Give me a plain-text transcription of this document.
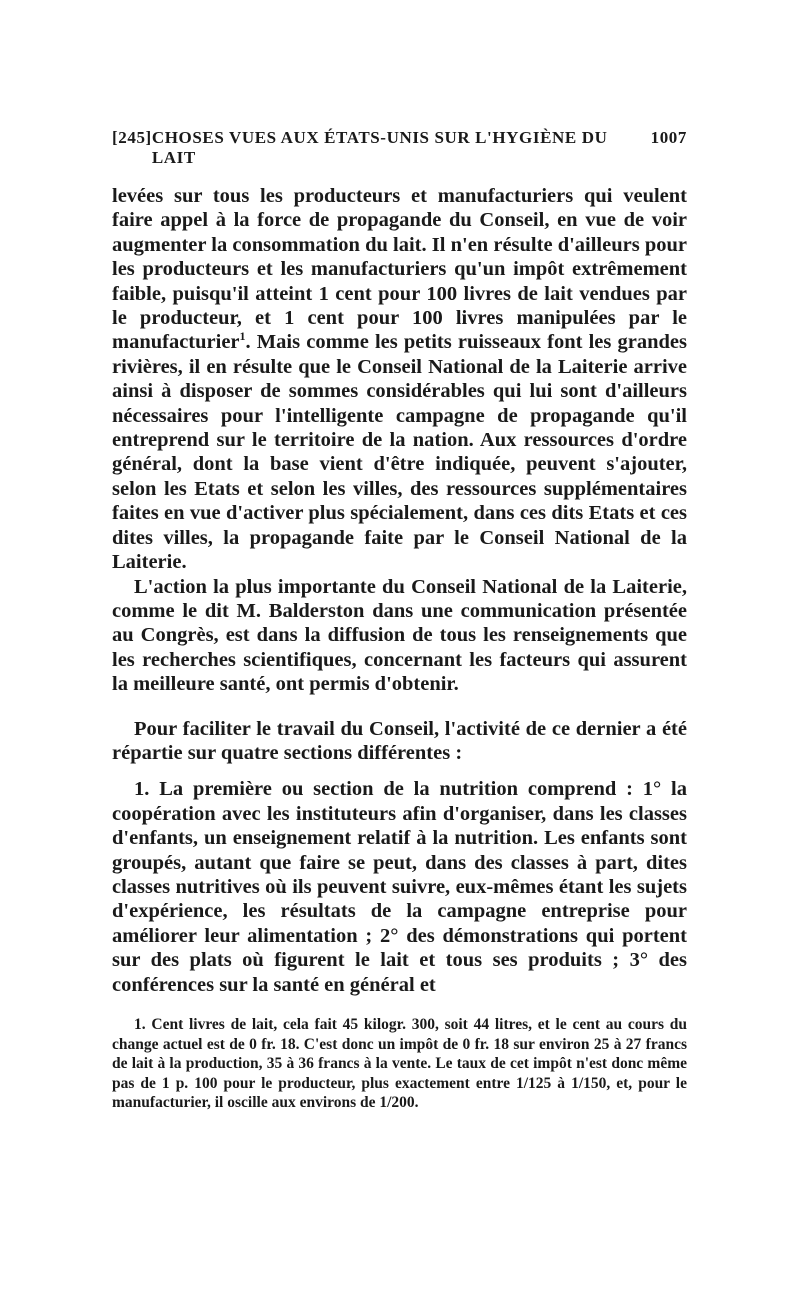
[245] CHOSES VUES AUX ÉTATS-UNIS SUR L'HYGIÈNE DU LAIT
1007

levées sur tous les producteurs et manufacturiers qui veulent faire appel à la force de propagande du Conseil, en vue de voir augmenter la consommation du lait. Il n'en résulte d'ailleurs pour les producteurs et les manufacturiers qu'un impôt extrêmement faible, puisqu'il atteint 1 cent pour 100 livres de lait vendues par le producteur, et 1 cent pour 100 livres manipulées par le manufacturier$^1$. Mais comme les petits ruisseaux font les grandes rivières, il en résulte que le Conseil National de la Laiterie arrive ainsi à disposer de sommes considérables qui lui sont d'ailleurs nécessaires pour l'intelligente campagne de propagande qu'il entreprend sur le territoire de la nation. Aux ressources d'ordre général, dont la base vient d'être indiquée, peuvent s'ajouter, selon les Etats et selon les villes, des ressources supplémentaires faites en vue d'activer plus spécialement, dans ces dits Etats et ces dites villes, la propagande faite par le Conseil National de la Laiterie.

L'action la plus importante du Conseil National de la Laiterie, comme le dit M. Balderston dans une communication présentée au Congrès, est dans la diffusion de tous les renseignements que les recherches scientifiques, concernant les facteurs qui assurent la meilleure santé, ont permis d'obtenir.

Pour faciliter le travail du Conseil, l'activité de ce dernier a été répartie sur quatre sections différentes :

1. La première ou section de la nutrition comprend : 1° la coopération avec les instituteurs afin d'organiser, dans les classes d'enfants, un enseignement relatif à la nutrition. Les enfants sont groupés, autant que faire se peut, dans des classes à part, dites classes nutritives où ils peuvent suivre, eux-mêmes étant les sujets d'expérience, les résultats de la campagne entreprise pour améliorer leur alimentation ; 2° des démonstrations qui portent sur des plats où figurent le lait et tous ses produits ; 3° des conférences sur la santé en général et

1. Cent livres de lait, cela fait 45 kilogr. 300, soit 44 litres, et le cent au cours du change actuel est de 0 fr. 18. C'est donc un impôt de 0 fr. 18 sur environ 25 à 27 francs de lait à la production, 35 à 36 francs à la vente. Le taux de cet impôt n'est donc même pas de 1 p. 100 pour le producteur, plus exactement entre 1/125 à 1/150, et, pour le manufacturier, il oscille aux environs de 1/200.
